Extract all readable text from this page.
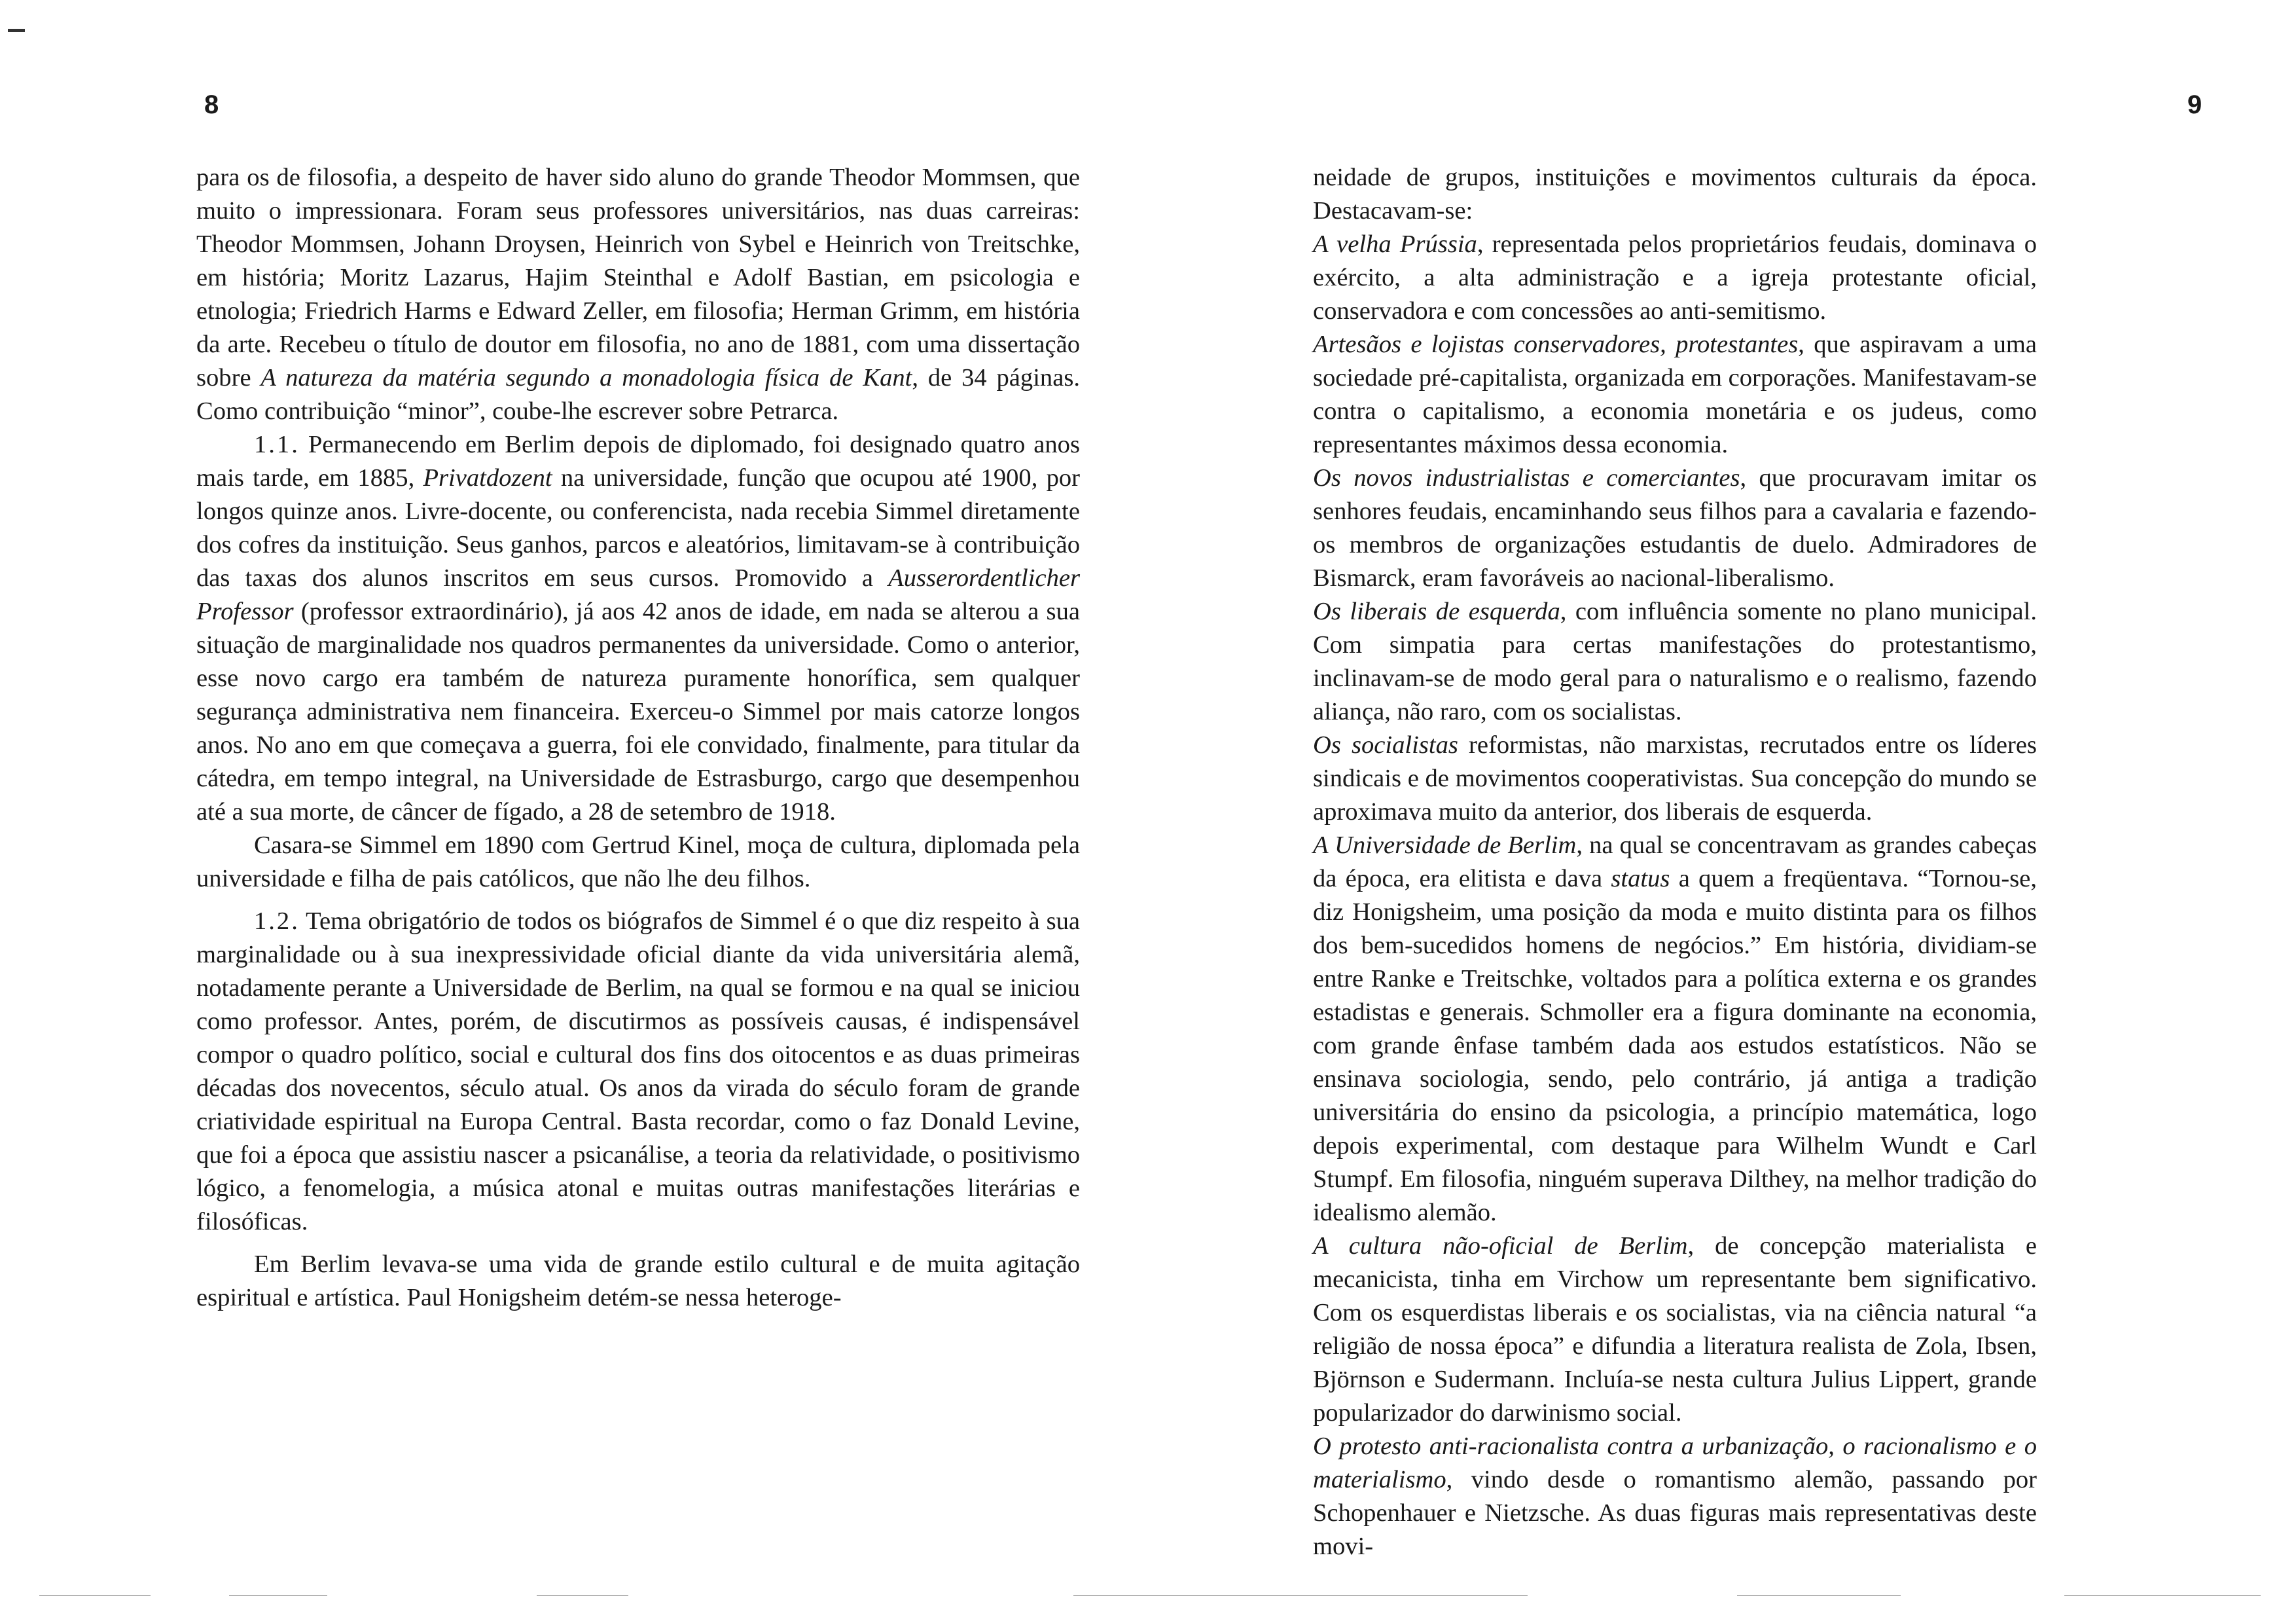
8

para os de filosofia, a despeito de haver sido aluno do grande Theodor Mommsen, que muito o impressionara. Foram seus professores universitários, nas duas carreiras: Theodor Mommsen, Johann Droysen, Heinrich von Sybel e Heinrich von Treitschke, em história; Moritz Lazarus, Hajim Steinthal e Adolf Bastian, em psicologia e etnologia; Friedrich Harms e Edward Zeller, em filosofia; Herman Grimm, em história da arte. Recebeu o título de doutor em filosofia, no ano de 1881, com uma dissertação sobre A natureza da matéria segundo a monadologia física de Kant, de 34 páginas. Como contribuição “minor”, coube-lhe escrever sobre Petrarca.

1.1. Permanecendo em Berlim depois de diplomado, foi designado quatro anos mais tarde, em 1885, Privatdozent na universidade, função que ocupou até 1900, por longos quinze anos. Livre-docente, ou conferencista, nada recebia Simmel diretamente dos cofres da instituição. Seus ganhos, parcos e aleatórios, limitavam-se à contribuição das taxas dos alunos inscritos em seus cursos. Promovido a Ausserordentlicher Professor (professor extraordinário), já aos 42 anos de idade, em nada se alterou a sua situação de marginalidade nos quadros permanentes da universidade. Como o anterior, esse novo cargo era também de natureza puramente honorífica, sem qualquer segurança administrativa nem financeira. Exerceu-o Simmel por mais catorze longos anos. No ano em que começava a guerra, foi ele convidado, finalmente, para titular da cátedra, em tempo integral, na Universidade de Estrasburgo, cargo que desempenhou até a sua morte, de câncer de fígado, a 28 de setembro de 1918.

Casara-se Simmel em 1890 com Gertrud Kinel, moça de cultura, diplomada pela universidade e filha de pais católicos, que não lhe deu filhos.

1.2. Tema obrigatório de todos os biógrafos de Simmel é o que diz respeito à sua marginalidade ou à sua inexpressividade oficial diante da vida universitária alemã, notadamente perante a Universidade de Berlim, na qual se formou e na qual se iniciou como professor. Antes, porém, de discutirmos as possíveis causas, é indispensável compor o quadro político, social e cultural dos fins dos oitocentos e as duas primeiras décadas dos novecentos, século atual. Os anos da virada do século foram de grande criatividade espiritual na Europa Central. Basta recordar, como o faz Donald Levine, que foi a época que assistiu nascer a psicanálise, a teoria da relatividade, o positivismo lógico, a fenomelogia, a música atonal e muitas outras manifestações literárias e filosóficas.

Em Berlim levava-se uma vida de grande estilo cultural e de muita agitação espiritual e artística. Paul Honigsheim detém-se nessa heteroge-

9

neidade de grupos, instituições e movimentos culturais da época. Destacavam-se:

A velha Prússia, representada pelos proprietários feudais, dominava o exército, a alta administração e a igreja protestante oficial, conservadora e com concessões ao anti-semitismo.

Artesãos e lojistas conservadores, protestantes, que aspiravam a uma sociedade pré-capitalista, organizada em corporações. Manifestavam-se contra o capitalismo, a economia monetária e os judeus, como representantes máximos dessa economia.

Os novos industrialistas e comerciantes, que procuravam imitar os senhores feudais, encaminhando seus filhos para a cavalaria e fazendo-os membros de organizações estudantis de duelo. Admiradores de Bismarck, eram favoráveis ao nacional-liberalismo.

Os liberais de esquerda, com influência somente no plano municipal. Com simpatia para certas manifestações do protestantismo, inclinavam-se de modo geral para o naturalismo e o realismo, fazendo aliança, não raro, com os socialistas.

Os socialistas reformistas, não marxistas, recrutados entre os líderes sindicais e de movimentos cooperativistas. Sua concepção do mundo se aproximava muito da anterior, dos liberais de esquerda.

A Universidade de Berlim, na qual se concentravam as grandes cabeças da época, era elitista e dava status a quem a freqüentava. “Tornou-se, diz Honigsheim, uma posição da moda e muito distinta para os filhos dos bem-sucedidos homens de negócios.” Em história, dividiam-se entre Ranke e Treitschke, voltados para a política externa e os grandes estadistas e generais. Schmoller era a figura dominante na economia, com grande ênfase também dada aos estudos estatísticos. Não se ensinava sociologia, sendo, pelo contrário, já antiga a tradição universitária do ensino da psicologia, a princípio matemática, logo depois experimental, com destaque para Wilhelm Wundt e Carl Stumpf. Em filosofia, ninguém superava Dilthey, na melhor tradição do idealismo alemão.

A cultura não-oficial de Berlim, de concepção materialista e mecanicista, tinha em Virchow um representante bem significativo. Com os esquerdistas liberais e os socialistas, via na ciência natural “a religião de nossa época” e difundia a literatura realista de Zola, Ibsen, Björnson e Sudermann. Incluía-se nesta cultura Julius Lippert, grande popularizador do darwinismo social.

O protesto anti-racionalista contra a urbanização, o racionalismo e o materialismo, vindo desde o romantismo alemão, passando por Schopenhauer e Nietzsche. As duas figuras mais representativas deste movi-
